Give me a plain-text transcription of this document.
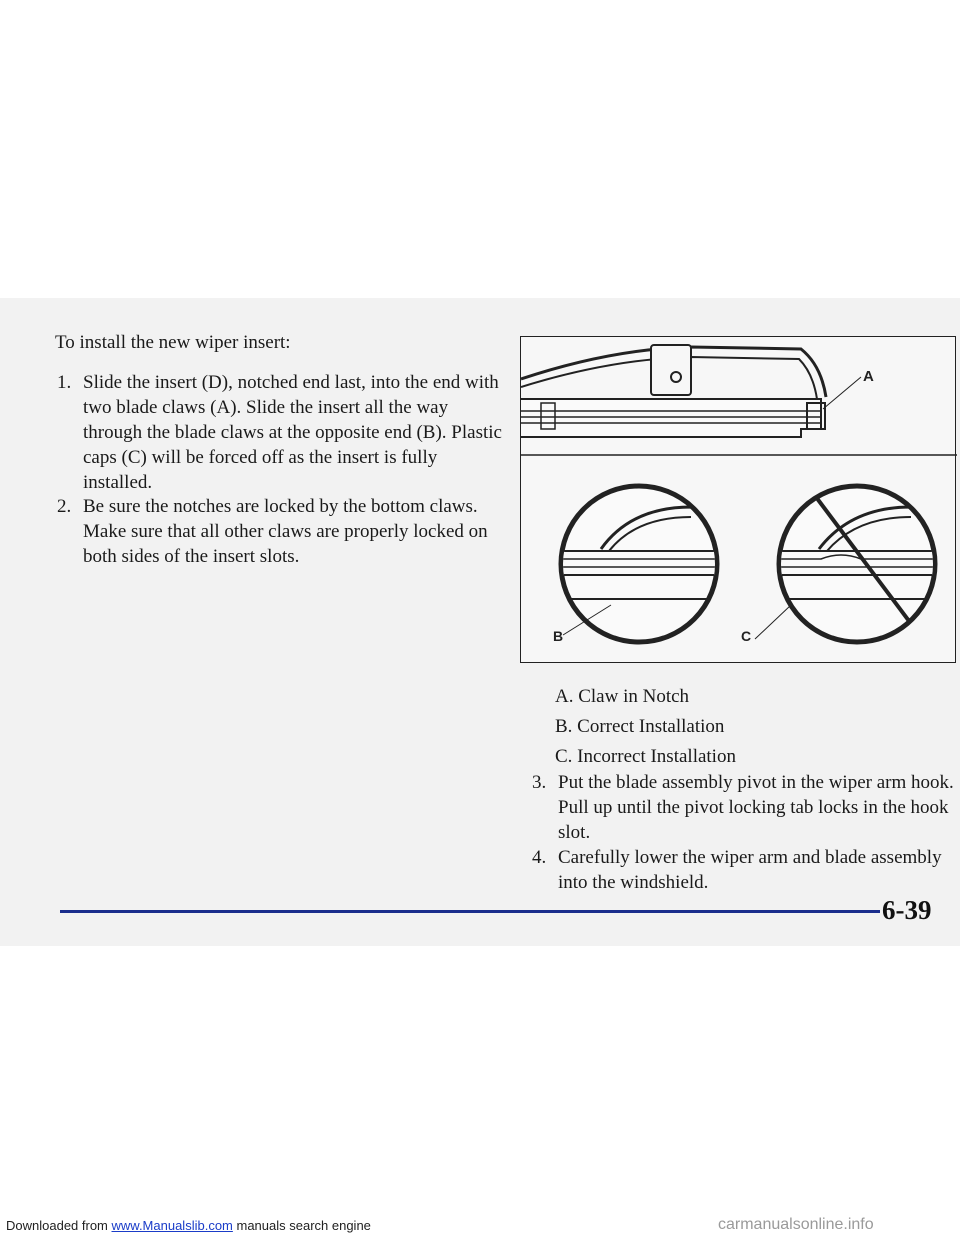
To install the new wiper insert:
1. Slide the insert (D), notched end last, into the end with two blade claws (A). Slide the insert all the way through the blade claws at the opposite end (B). Plastic caps (C) will be forced off as the insert is fully installed.
2. Be sure the notches are locked by the bottom claws. Make sure that all other claws are properly locked on both sides of the insert slots.
A
B	C
A. Claw in Notch
B. Correct Installation
C. Incorrect Installation
3. Put the blade assembly pivot in the wiper arm hook. Pull up until the pivot locking tab locks in the hook slot.
4. Carefully lower the wiper arm and blade assembly into the windshield.
6-39
Downloaded from www.Manualslib.com manuals search engine	carmanualsonline.info
